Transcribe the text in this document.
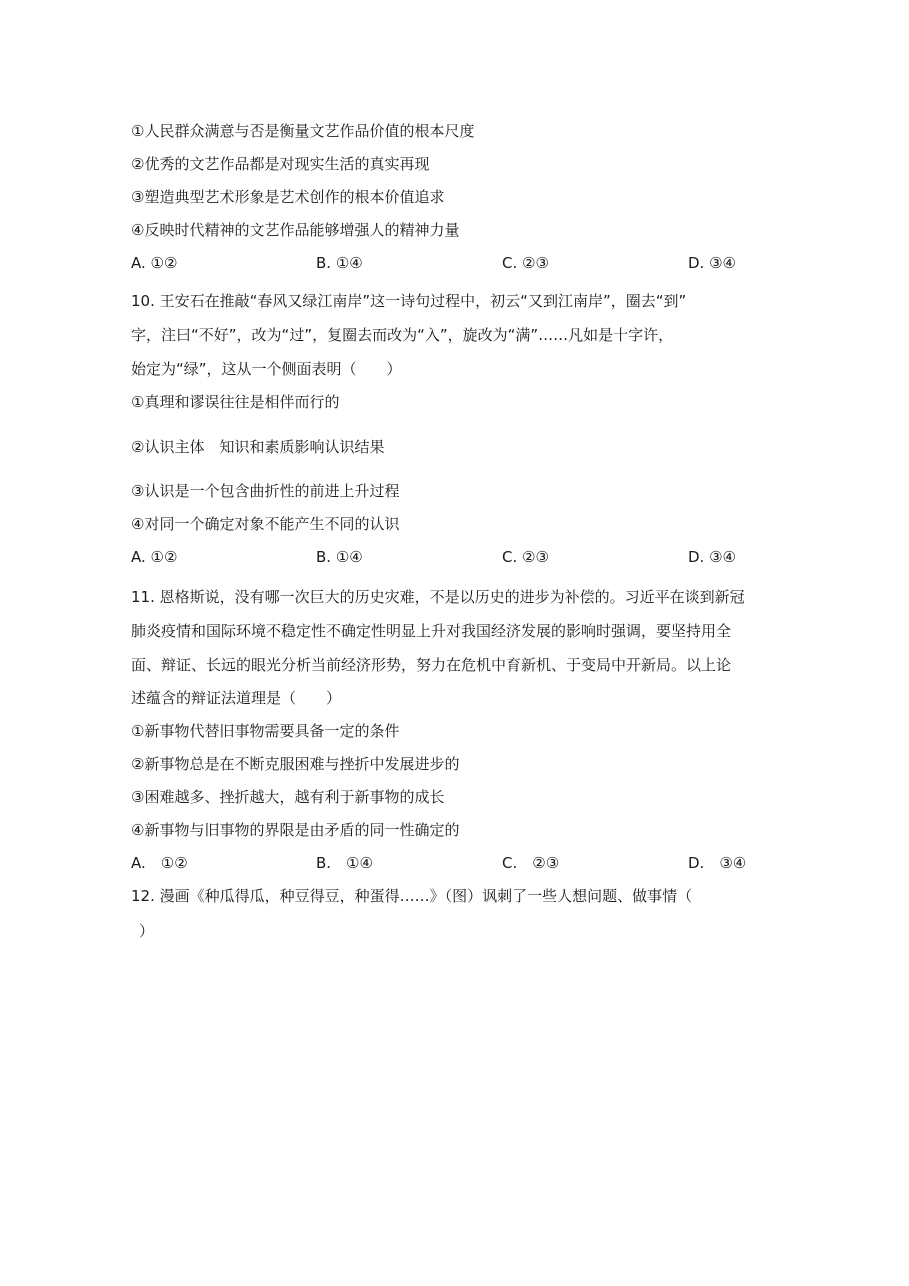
①人民群众满意与否是衡量文艺作品价值的根本尺度
②优秀的文艺作品都是对现实生活的真实再现
③塑造典型艺术形象是艺术创作的根本价值追求
④反映时代精神的文艺作品能够增强人的精神力量
A. ①②	B. ①④	C. ②③	D. ③④
10. 王安石在推敲“春风又绿江南岸”这一诗句过程中，初云“又到江南岸”，圈去“到”
字，注曰“不好”，改为“过”，复圈去而改为“入”，旋改为“满”……凡如是十字许，
始定为“绿”，这从一个侧面表明（　　）
①真理和谬误往往是相伴而行的
②认识主体　知识和素质影响认识结果
③认识是一个包含曲折性的前进上升过程
④对同一个确定对象不能产生不同的认识
A. ①②	B. ①④	C. ②③	D. ③④
11. 恩格斯说，没有哪一次巨大的历史灾难，不是以历史的进步为补偿的。习近平在谈到新冠
肺炎疫情和国际环境不稳定性不确定性明显上升对我国经济发展的影响时强调，要坚持用全
面、辩证、长远的眼光分析当前经济形势，努力在危机中育新机、于变局中开新局。以上论
述蕴含的辩证法道理是（　　）
①新事物代替旧事物需要具备一定的条件
②新事物总是在不断克服困难与挫折中发展进步的
③困难越多、挫折越大，越有利于新事物的成长
④新事物与旧事物的界限是由矛盾的同一性确定的
A.　①②	B.　①④	C.　②③	D.　③④
12. 漫画《种瓜得瓜，种豆得豆，种蛋得……》（图）讽刺了一些人想问题、做事情（
）
